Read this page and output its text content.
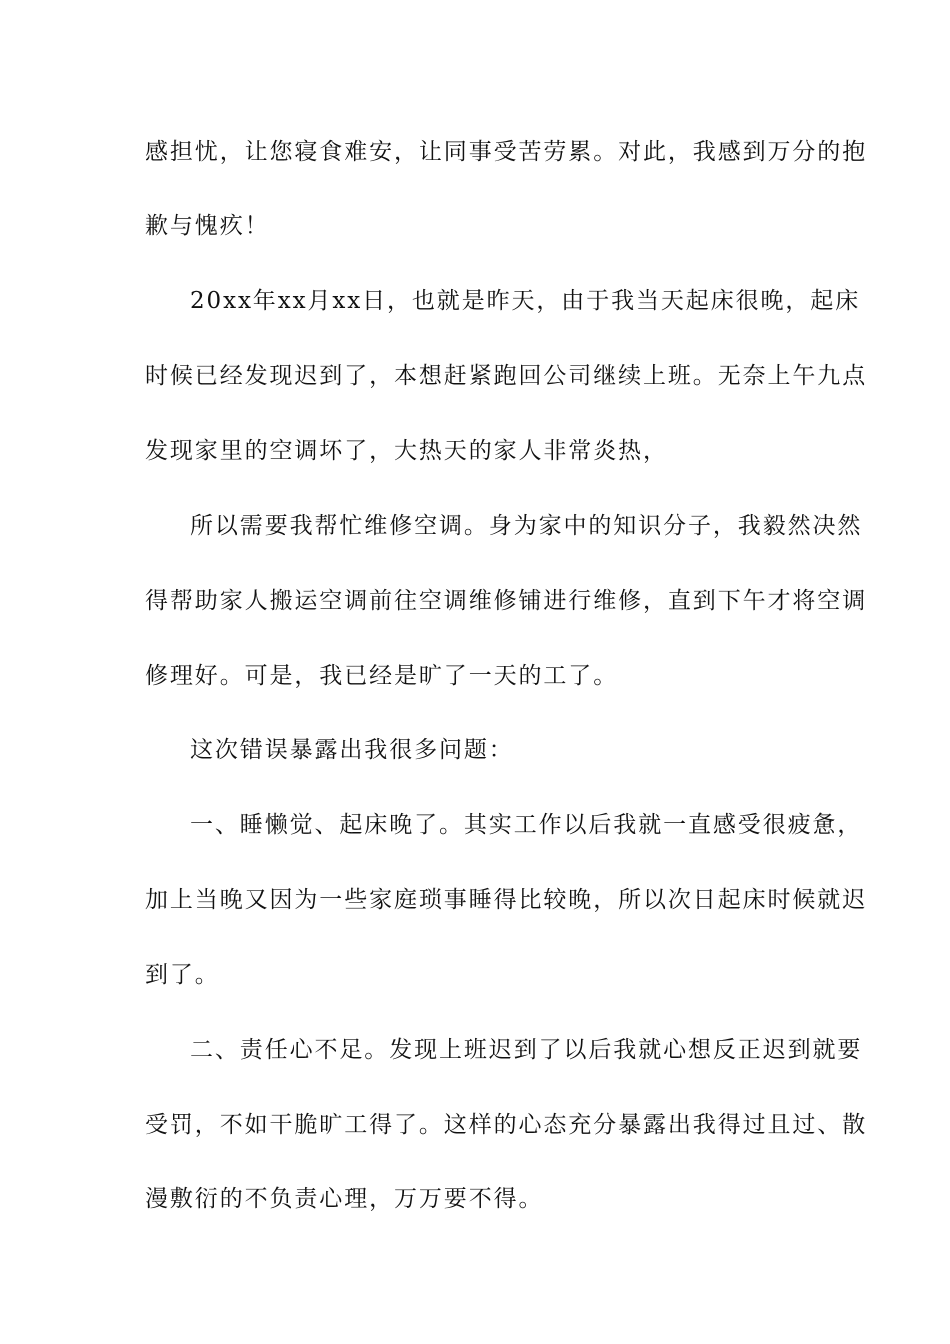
感担忧，让您寝食难安，让同事受苦劳累。对此，我感到万分的抱
歉与愧疚！
20xx年xx月xx日，也就是昨天，由于我当天起床很晚，起床
时候已经发现迟到了，本想赶紧跑回公司继续上班。无奈上午九点
发现家里的空调坏了，大热天的家人非常炎热，
所以需要我帮忙维修空调。身为家中的知识分子，我毅然决然
得帮助家人搬运空调前往空调维修铺进行维修，直到下午才将空调
修理好。可是，我已经是旷了一天的工了。
这次错误暴露出我很多问题：
一、睡懒觉、起床晚了。其实工作以后我就一直感受很疲惫，
加上当晚又因为一些家庭琐事睡得比较晚，所以次日起床时候就迟
到了。
二、责任心不足。发现上班迟到了以后我就心想反正迟到就要
受罚，不如干脆旷工得了。这样的心态充分暴露出我得过且过、散
漫敷衍的不负责心理，万万要不得。
